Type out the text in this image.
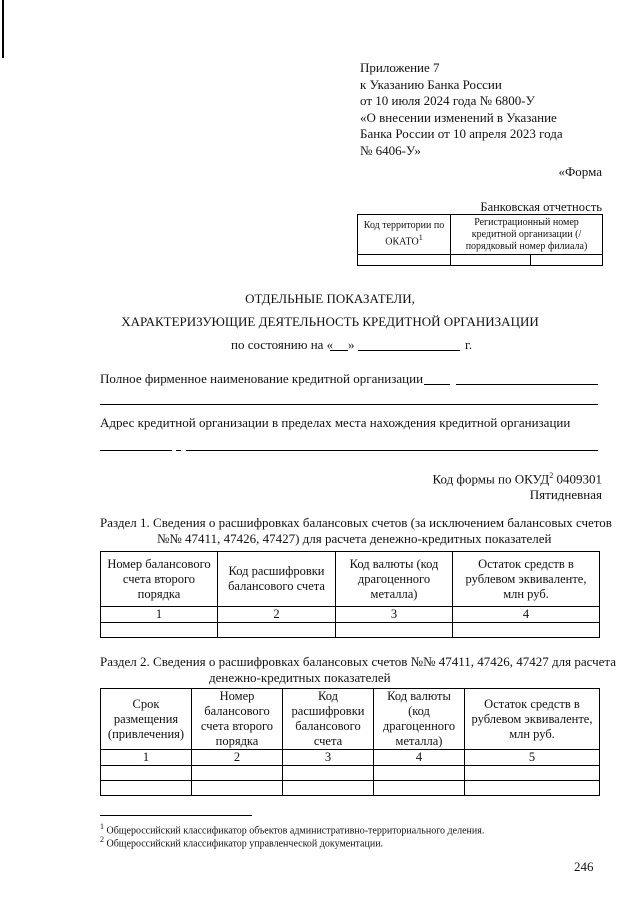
Приложение 7
к Указанию Банка России
от 10 июля 2024 года № 6800-У
«О внесении изменений в Указание
Банка России от 10 апреля 2023 года
№ 6406-У»
«Форма
Банковская отчетность
Код территории по ОКАТО$^1$	Регистрационный номер кредитной организации (/ порядковый номер филиала)	

ОТДЕЛЬНЫЕ ПОКАЗАТЕЛИ,
ХАРАКТЕРИЗУЮЩИЕ ДЕЯТЕЛЬНОСТЬ КРЕДИТНОЙ ОРГАНИЗАЦИИ
по состоянию на « »	г.
Полное фирменное наименование кредитной организации
Адрес кредитной организации в пределах места нахождения кредитной организации
Код формы по ОКУД$^2$ 0409301
Пятидневная
Раздел 1. Сведения о расшифровках балансовых счетов (за исключением балансовых счетов
№№ 47411, 47426, 47427) для расчета денежно-кредитных показателей
Номер балансового счета второго порядка	Код расшифровки балансового счета	Код валюты (код драгоценного металла)	Остаток средств в рублевом эквиваленте, млн руб.
1	2	3	4

Раздел 2. Сведения о расшифровках балансовых счетов №№ 47411, 47426, 47427 для расчета
денежно-кредитных показателей
Срок размещения (привлечения)	Номер балансового счета второго порядка	Код расшифровки балансового счета	Код валюты (код драгоценного металла)	Остаток средств в рублевом эквиваленте, млн руб.
1	2	3	4	5

$^1$ Общероссийский классификатор объектов административно-территориального деления.
$^2$ Общероссийский классификатор управленческой документации.
246
